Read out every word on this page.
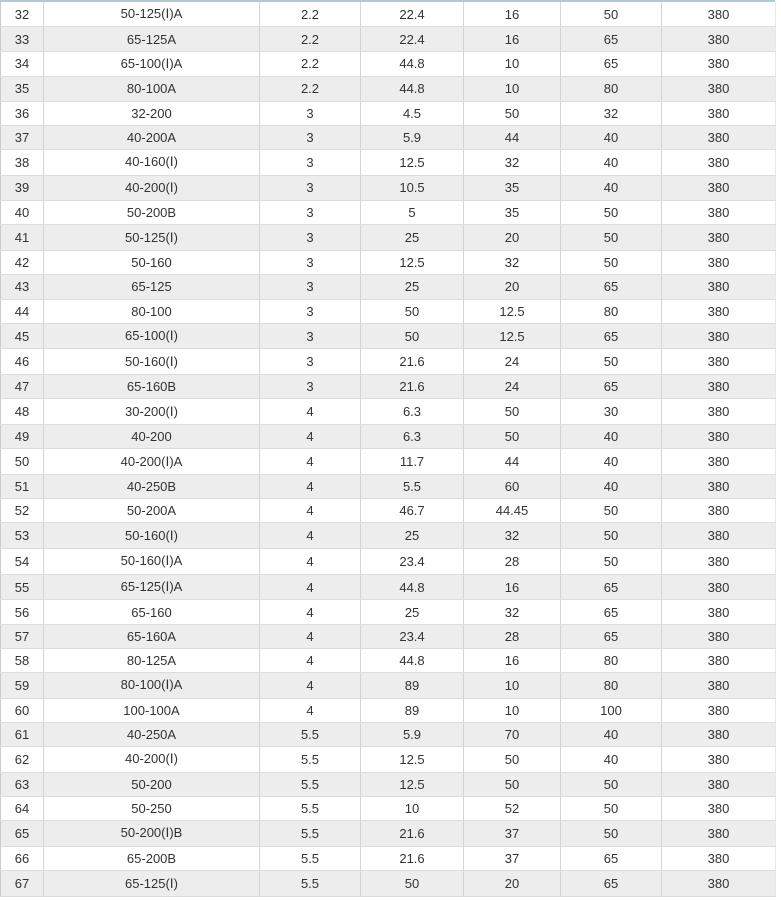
32	50-125(Ⅰ)A	2.2	22.4	16	50	380
33	65-125A	2.2	22.4	16	65	380
34	65-100(Ⅰ)A	2.2	44.8	10	65	380
35	80-100A	2.2	44.8	10	80	380
36	32-200	3	4.5	50	32	380
37	40-200A	3	5.9	44	40	380
38	40-160(Ⅰ)	3	12.5	32	40	380
39	40-200(Ⅰ)	3	10.5	35	40	380
40	50-200B	3	5	35	50	380
41	50-125(Ⅰ)	3	25	20	50	380
42	50-160	3	12.5	32	50	380
43	65-125	3	25	20	65	380
44	80-100	3	50	12.5	80	380
45	65-100(Ⅰ)	3	50	12.5	65	380
46	50-160(Ⅰ)	3	21.6	24	50	380
47	65-160B	3	21.6	24	65	380
48	30-200(Ⅰ)	4	6.3	50	30	380
49	40-200	4	6.3	50	40	380
50	40-200(Ⅰ)A	4	11.7	44	40	380
51	40-250B	4	5.5	60	40	380
52	50-200A	4	46.7	44.45	50	380
53	50-160(Ⅰ)	4	25	32	50	380
54	50-160(Ⅰ)A	4	23.4	28	50	380
55	65-125(Ⅰ)A	4	44.8	16	65	380
56	65-160	4	25	32	65	380
57	65-160A	4	23.4	28	65	380
58	80-125A	4	44.8	16	80	380
59	80-100(Ⅰ)A	4	89	10	80	380
60	100-100A	4	89	10	100	380
61	40-250A	5.5	5.9	70	40	380
62	40-200(Ⅰ)	5.5	12.5	50	40	380
63	50-200	5.5	12.5	50	50	380
64	50-250	5.5	10	52	50	380
65	50-200(Ⅰ)B	5.5	21.6	37	50	380
66	65-200B	5.5	21.6	37	65	380
67	65-125(Ⅰ)	5.5	50	20	65	380
